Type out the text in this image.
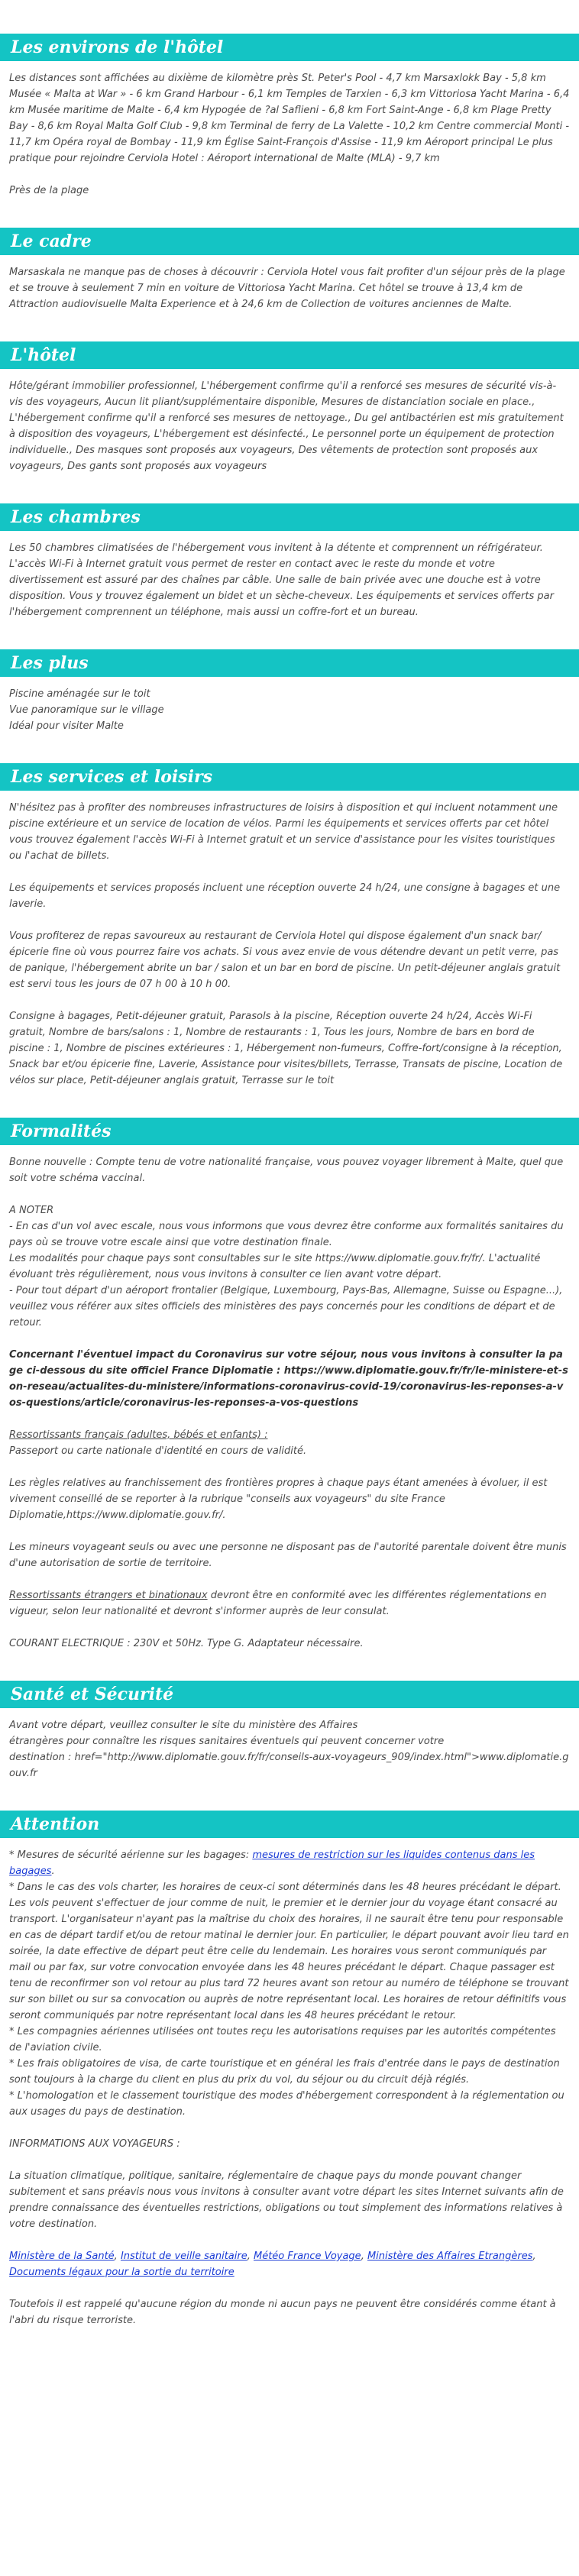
Les environs de l'hôtel

Les distances sont affichées au dixième de kilomètre près St. Peter's Pool - 4,7 km Marsaxlokk Bay - 5,8 km Musée « Malta at War » - 6 km Grand Harbour - 6,1 km Temples de Tarxien - 6,3 km Vittoriosa Yacht Marina - 6,4 km Musée maritime de Malte - 6,4 km Hypogée de ?al Saflieni - 6,8 km Fort Saint-Ange - 6,8 km Plage Pretty Bay - 8,6 km Royal Malta Golf Club - 9,8 km Terminal de ferry de La Valette - 10,2 km Centre commercial Monti - 11,7 km Opéra royal de Bombay - 11,9 km Église Saint-François d'Assise - 11,9 km Aéroport principal Le plus pratique pour rejoindre Cerviola Hotel : Aéroport international de Malte (MLA) - 9,7 km

Près de la plage

Le cadre

Marsaskala ne manque pas de choses à découvrir : Cerviola Hotel vous fait profiter d'un séjour près de la plage et se trouve à seulement 7 min en voiture de Vittoriosa Yacht Marina. Cet hôtel se trouve à 13,4 km de Attraction audiovisuelle Malta Experience et à 24,6 km de Collection de voitures anciennes de Malte.

L'hôtel

Hôte/gérant immobilier professionnel, L'hébergement confirme qu'il a renforcé ses mesures de sécurité vis-à-vis des voyageurs, Aucun lit pliant/supplémentaire disponible, Mesures de distanciation sociale en place., L'hébergement confirme qu'il a renforcé ses mesures de nettoyage., Du gel antibactérien est mis gratuitement à disposition des voyageurs, L'hébergement est désinfecté., Le personnel porte un équipement de protection individuelle., Des masques sont proposés aux voyageurs, Des vêtements de protection sont proposés aux voyageurs, Des gants sont proposés aux voyageurs

Les chambres

Les 50 chambres climatisées de l'hébergement vous invitent à la détente et comprennent un réfrigérateur. L'accès Wi-Fi à Internet gratuit vous permet de rester en contact avec le reste du monde et votre divertissement est assuré par des chaînes par câble. Une salle de bain privée avec une douche est à votre disposition. Vous y trouvez également un bidet et un sèche-cheveux. Les équipements et services offerts par l'hébergement comprennent un téléphone, mais aussi un coffre-fort et un bureau.

Les plus
Piscine aménagée sur le toit
Vue panoramique sur le village
Idéal pour visiter Malte
Les services et loisirs

N'hésitez pas à profiter des nombreuses infrastructures de loisirs à disposition et qui incluent notamment une piscine extérieure et un service de location de vélos. Parmi les équipements et services offerts par cet hôtel vous trouvez également l'accès Wi-Fi à Internet gratuit et un service d'assistance pour les visites touristiques ou l'achat de billets.

Les équipements et services proposés incluent une réception ouverte 24 h/24, une consigne à bagages et une laverie.

Vous profiterez de repas savoureux au restaurant de Cerviola Hotel qui dispose également d'un snack bar/épicerie fine où vous pourrez faire vos achats. Si vous avez envie de vous détendre devant un petit verre, pas de panique, l'hébergement abrite un bar / salon et un bar en bord de piscine. Un petit-déjeuner anglais gratuit est servi tous les jours de 07 h 00 à 10 h 00.

Consigne à bagages, Petit-déjeuner gratuit, Parasols à la piscine, Réception ouverte 24 h/24, Accès Wi-Fi gratuit, Nombre de bars/salons : 1, Nombre de restaurants : 1, Tous les jours, Nombre de bars en bord de piscine : 1, Nombre de piscines extérieures : 1, Hébergement non-fumeurs, Coffre-fort/consigne à la réception, Snack bar et/ou épicerie fine, Laverie, Assistance pour visites/billets, Terrasse, Transats de piscine, Location de vélos sur place, Petit-déjeuner anglais gratuit, Terrasse sur le toit

Formalités

Bonne nouvelle : Compte tenu de votre nationalité française, vous pouvez voyager librement à Malte, quel que soit votre schéma vaccinal.

A NOTER
- En cas d'un vol avec escale, nous vous informons que vous devrez être conforme aux formalités sanitaires du pays où se trouve votre escale ainsi que votre destination finale.
Les modalités pour chaque pays sont consultables sur le site https://www.diplomatie.gouv.fr/fr/. L'actualité évoluant très régulièrement, nous vous invitons à consulter ce lien avant votre départ.
- Pour tout départ d'un aéroport frontalier (Belgique, Luxembourg, Pays-Bas, Allemagne, Suisse ou Espagne...), veuillez vous référer aux sites officiels des ministères des pays concernés pour les conditions de départ et de retour.

Concernant l'éventuel impact du Coronavirus sur votre séjour, nous vous invitons à consulter la page ci-dessous du site officiel France Diplomatie : https://www.diplomatie.gouv.fr/fr/le-ministere-et-son-reseau/actualites-du-ministere/informations-coronavirus-covid-19/coronavirus-les-reponses-a-vos-questions/article/coronavirus-les-reponses-a-vos-questions

Ressortissants français (adultes, bébés et enfants) :
Passeport ou carte nationale d'identité en cours de validité.

Les règles relatives au franchissement des frontières propres à chaque pays étant amenées à évoluer, il est vivement conseillé de se reporter à la rubrique "conseils aux voyageurs" du site France Diplomatie,https://www.diplomatie.gouv.fr/.

Les mineurs voyageant seuls ou avec une personne ne disposant pas de l'autorité parentale doivent être munis d'une autorisation de sortie de territoire.

Ressortissants étrangers et binationaux devront être en conformité avec les différentes réglementations en vigueur, selon leur nationalité et devront s'informer auprès de leur consulat.

COURANT ELECTRIQUE : 230V et 50Hz. Type G. Adaptateur nécessaire.

Santé et Sécurité
Avant votre départ, veuillez consulter le site du ministère des Affaires
étrangères pour connaître les risques sanitaires éventuels qui peuvent concerner votre
destination : href="http://www.diplomatie.gouv.fr/fr/conseils-aux-voyageurs_909/index.html">www.diplomatie.gouv.fr
Attention

* Mesures de sécurité aérienne sur les bagages: mesures de restriction sur les liquides contenus dans les bagages.
* Dans le cas des vols charter, les horaires de ceux-ci sont déterminés dans les 48 heures précédant le départ. Les vols peuvent s'effectuer de jour comme de nuit, le premier et le dernier jour du voyage étant consacré au transport. L'organisateur n'ayant pas la maîtrise du choix des horaires, il ne saurait être tenu pour responsable en cas de départ tardif et/ou de retour matinal le dernier jour. En particulier, le départ pouvant avoir lieu tard en soirée, la date effective de départ peut être celle du lendemain. Les horaires vous seront communiqués par mail ou par fax, sur votre convocation envoyée dans les 48 heures précédant le départ. Chaque passager est tenu de reconfirmer son vol retour au plus tard 72 heures avant son retour au numéro de téléphone se trouvant sur son billet ou sur sa convocation ou auprès de notre représentant local. Les horaires de retour définitifs vous seront communiqués par notre représentant local dans les 48 heures précédant le retour.
* Les compagnies aériennes utilisées ont toutes reçu les autorisations requises par les autorités compétentes de l'aviation civile.
* Les frais obligatoires de visa, de carte touristique et en général les frais d'entrée dans le pays de destination sont toujours à la charge du client en plus du prix du vol, du séjour ou du circuit déjà réglés.
* L'homologation et le classement touristique des modes d'hébergement correspondent à la réglementation ou aux usages du pays de destination.

INFORMATIONS AUX VOYAGEURS :

La situation climatique, politique, sanitaire, réglementaire de chaque pays du monde pouvant changer subitement et sans préavis nous vous invitons à consulter avant votre départ les sites Internet suivants afin de prendre connaissance des éventuelles restrictions, obligations ou tout simplement des informations relatives à votre destination.

Ministère de la Santé, Institut de veille sanitaire, Météo France Voyage, Ministère des Affaires Etrangères, Documents légaux pour la sortie du territoire

Toutefois il est rappelé qu'aucune région du monde ni aucun pays ne peuvent être considérés comme étant à l'abri du risque terroriste.
